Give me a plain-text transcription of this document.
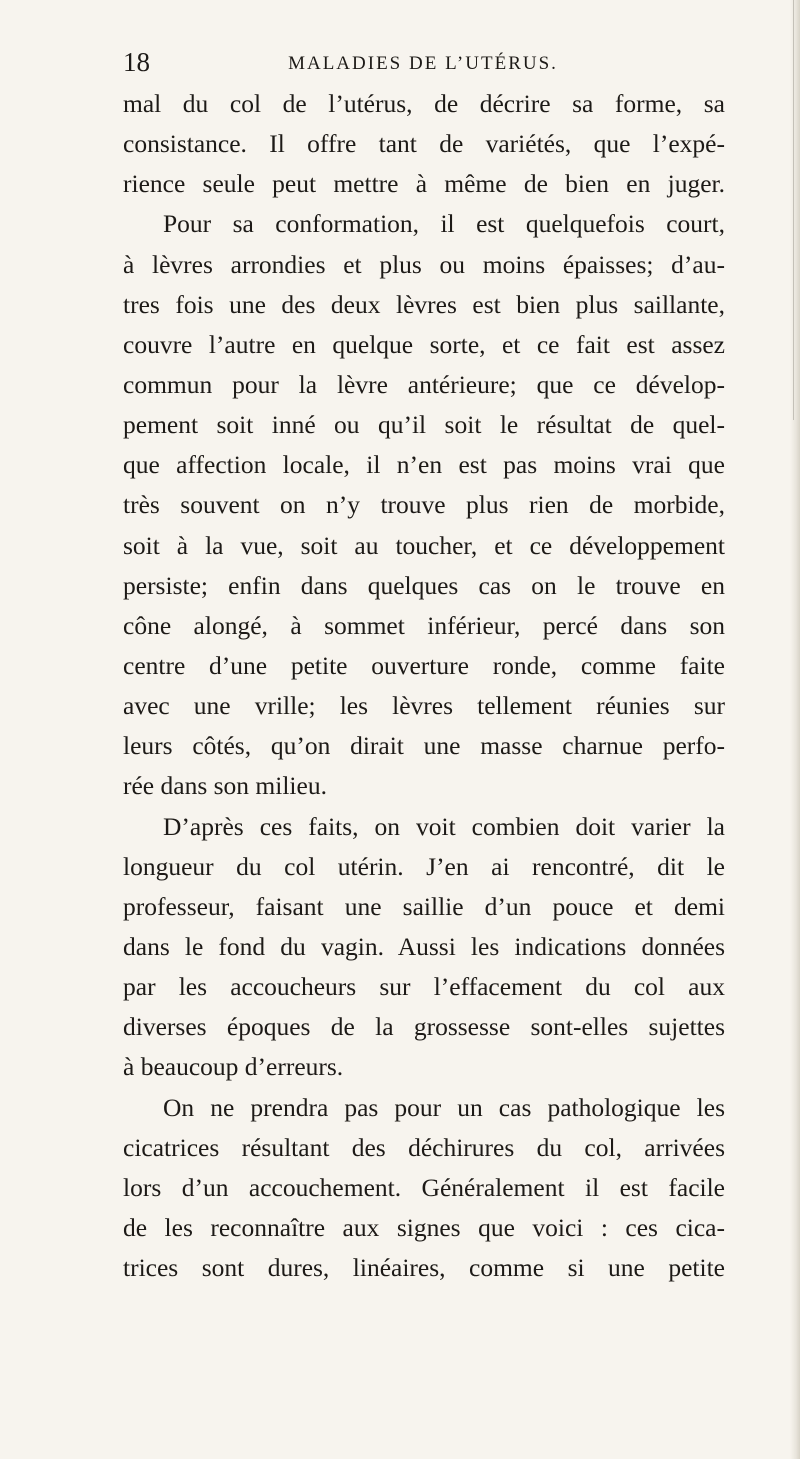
18	MALADIES DE L’UTÉRUS.
mal du col de l’utérus, de décrire sa forme, sa
consistance. Il offre tant de variétés, que l’expé-
rience seule peut mettre à même de bien en juger.
Pour sa conformation, il est quelquefois court,
à lèvres arrondies et plus ou moins épaisses; d’au-
tres fois une des deux lèvres est bien plus saillante,
couvre l’autre en quelque sorte, et ce fait est assez
commun pour la lèvre antérieure; que ce dévelop-
pement soit inné ou qu’il soit le résultat de quel-
que affection locale, il n’en est pas moins vrai que
très souvent on n’y trouve plus rien de morbide,
soit à la vue, soit au toucher, et ce développement
persiste; enfin dans quelques cas on le trouve en
cône alongé, à sommet inférieur, percé dans son
centre d’une petite ouverture ronde, comme faite
avec une vrille; les lèvres tellement réunies sur
leurs côtés, qu’on dirait une masse charnue perfo-
rée dans son milieu.
D’après ces faits, on voit combien doit varier la
longueur du col utérin. J’en ai rencontré, dit le
professeur, faisant une saillie d’un pouce et demi
dans le fond du vagin. Aussi les indications données
par les accoucheurs sur l’effacement du col aux
diverses époques de la grossesse sont-elles sujettes
à beaucoup d’erreurs.
On ne prendra pas pour un cas pathologique les
cicatrices résultant des déchirures du col, arrivées
lors d’un accouchement. Généralement il est facile
de les reconnaître aux signes que voici : ces cica-
trices sont dures, linéaires, comme si une petite
